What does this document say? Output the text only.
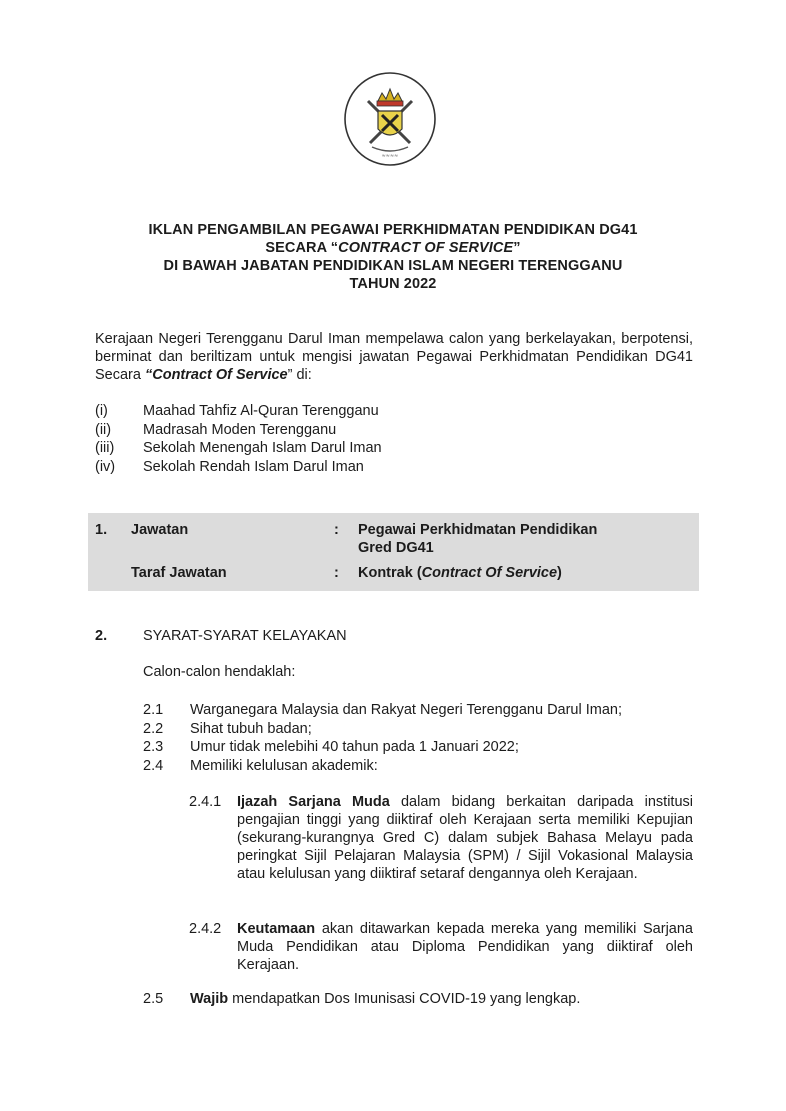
≈≈≈≈
IKLAN PENGAMBILAN PEGAWAI PERKHIDMATAN PENDIDIKAN DG41
SECARA “CONTRACT OF SERVICE”
DI BAWAH JABATAN PENDIDIKAN ISLAM NEGERI TERENGGANU
TAHUN 2022
Kerajaan Negeri Terengganu Darul Iman mempelawa calon yang berkelayakan, berpotensi, berminat dan beriltizam untuk mengisi jawatan Pegawai Perkhidmatan Pendidikan DG41 Secara “Contract Of Service” di:
(i)	Maahad Tahfiz Al-Quran Terengganu
(ii)	Madrasah Moden Terengganu
(iii)	Sekolah Menengah Islam Darul Iman
(iv)	Sekolah Rendah Islam Darul Iman
1. Jawatan	: Pegawai Perkhidmatan Pendidikan
Gred DG41
Taraf Jawatan	: Kontrak (Contract Of Service)
2. SYARAT-SYARAT KELAYAKAN
Calon-calon hendaklah:
2.1	Warganegara Malaysia dan Rakyat Negeri Terengganu Darul Iman;
2.2	Sihat tubuh badan;
2.3	Umur tidak melebihi 40 tahun pada 1 Januari 2022;
2.4	Memiliki kelulusan akademik:
2.4.1 Ijazah Sarjana Muda dalam bidang berkaitan daripada institusi pengajian tinggi yang diiktiraf oleh Kerajaan serta memiliki Kepujian (sekurang-kurangnya Gred C) dalam subjek Bahasa Melayu pada peringkat Sijil Pelajaran Malaysia (SPM) / Sijil Vokasional Malaysia atau kelulusan yang diiktiraf setaraf dengannya oleh Kerajaan.
2.4.2 Keutamaan akan ditawarkan kepada mereka yang memiliki Sarjana Muda Pendidikan atau Diploma Pendidikan yang diiktiraf oleh Kerajaan.
2.5	Wajib mendapatkan Dos Imunisasi COVID-19 yang lengkap.
